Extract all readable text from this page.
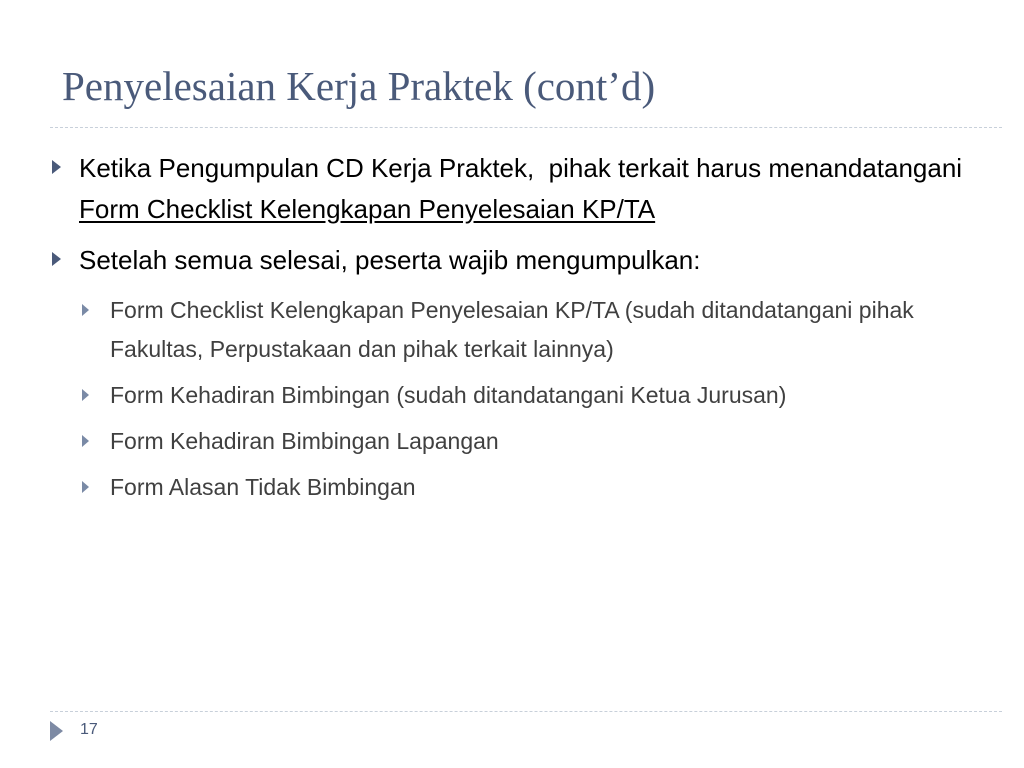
Penyelesaian Kerja Praktek (cont’d)
Ketika Pengumpulan CD Kerja Praktek,  pihak terkait harus menandatangani Form Checklist Kelengkapan Penyelesaian KP/TA
Setelah semua selesai, peserta wajib mengumpulkan:
Form Checklist Kelengkapan Penyelesaian KP/TA (sudah ditandatangani pihak Fakultas, Perpustakaan dan pihak terkait lainnya)
Form Kehadiran Bimbingan (sudah ditandatangani Ketua Jurusan)
Form Kehadiran Bimbingan Lapangan
Form Alasan Tidak Bimbingan
17
